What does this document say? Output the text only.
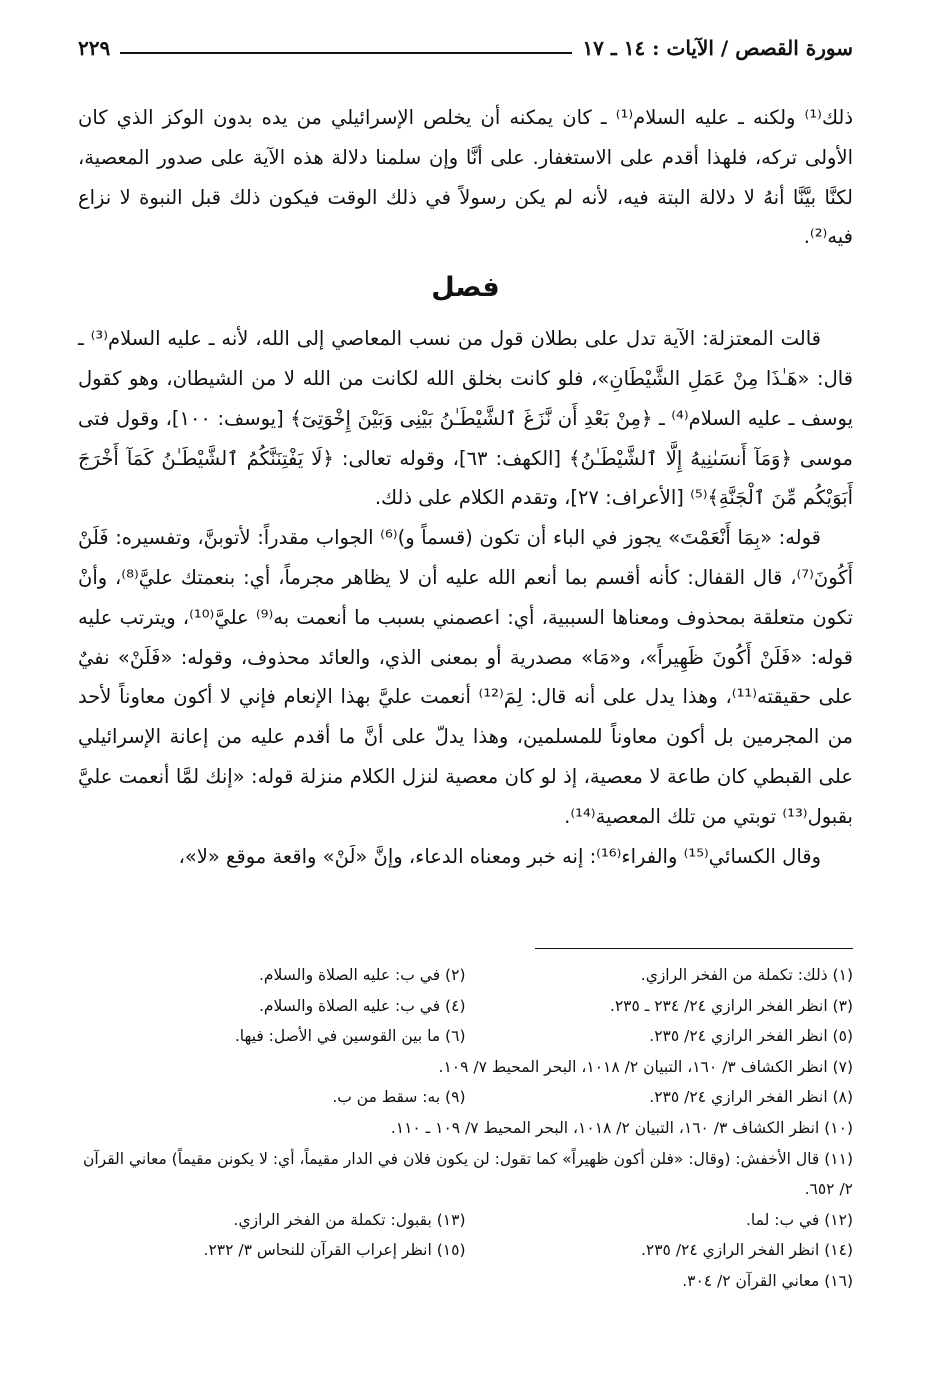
سورة القصص / الآيات : ١٤ ـ ١٧
٢٢٩

ذلك⁽¹⁾ ولكنه ـ عليه السلام⁽¹⁾ ـ كان يمكنه أن يخلص الإسرائيلي من يده بدون الوكز الذي كان الأولى تركه، فلهذا أقدم على الاستغفار. على أنَّا وإن سلمنا دلالة هذه الآية على صدور المعصية، لكنَّا بيَّنَّا أنهُ لا دلالة البتة فيه، لأنه لم يكن رسولاً في ذلك الوقت فيكون ذلك قبل النبوة لا نزاع فيه⁽²⁾.

فصل

قالت المعتزلة: الآية تدل على بطلان قول من نسب المعاصي إلى الله، لأنه ـ عليه السلام⁽³⁾ ـ قال: «هَـٰذَا مِنْ عَمَلِ الشَّيْطَانِ»، فلو كانت بخلق الله لكانت من الله لا من الشيطان، وهو كقول يوسف ـ عليه السلام⁽⁴⁾ ـ ﴿مِنْ بَعْدِ أَن نَّزَغَ ٱلشَّيْطَـٰنُ بَيْنِى وَبَيْنَ إِخْوَتِىٓ﴾ [يوسف: ١٠٠]، وقول فتى موسى ﴿وَمَآ أَنسَىٰنِيهُ إِلَّا ٱلشَّيْطَـٰنُ﴾ [الكهف: ٦٣]، وقوله تعالى: ﴿لَا يَفْتِنَنَّكُمُ ٱلشَّيْطَـٰنُ كَمَآ أَخْرَجَ أَبَوَيْكُم مِّنَ ٱلْجَنَّةِ﴾⁽⁵⁾ [الأعراف: ٢٧]، وتقدم الكلام على ذلك.

قوله: «بِمَا أَنْعَمْتَ» يجوز في الباء أن تكون (قسماً و)⁽⁶⁾ الجواب مقدراً: لأتوبنَّ، وتفسيره: فَلَنْ أَكُونَ⁽⁷⁾، قال القفال: كأنه أقسم بما أنعم الله عليه أن لا يظاهر مجرماً، أي: بنعمتك عليَّ⁽⁸⁾، وأنْ تكون متعلقة بمحذوف ومعناها السببية، أي: اعصمني بسبب ما أنعمت به⁽⁹⁾ عليَّ⁽¹⁰⁾، ويترتب عليه قوله: «فَلَنْ أَكُونَ ظَهِيراً»، و«مَا» مصدرية أو بمعنى الذي، والعائد محذوف، وقوله: «فَلَنْ» نفيٌ على حقيقته⁽¹¹⁾، وهذا يدل على أنه قال: لِمَ⁽¹²⁾ أنعمت عليَّ بهذا الإنعام فإني لا أكون معاوناً لأحد من المجرمين بل أكون معاوناً للمسلمين، وهذا يدلّ على أنَّ ما أقدم عليه من إعانة الإسرائيلي على القبطي كان طاعة لا معصية، إذ لو كان معصية لنزل الكلام منزلة قوله: «إنك لمَّا أنعمت عليَّ بقبول⁽¹³⁾ توبتي من تلك المعصية⁽¹⁴⁾.

وقال الكسائي⁽¹⁵⁾ والفراء⁽¹⁶⁾: إنه خبر ومعناه الدعاء، وإنَّ «لَنْ» واقعة موقع «لا»،

(١) ذلك: تكملة من الفخر الرازي.
(٢) في ب: عليه الصلاة والسلام.
(٣) انظر الفخر الرازي ٢٤/ ٢٣٤ ـ ٢٣٥.
(٤) في ب: عليه الصلاة والسلام.
(٥) انظر الفخر الرازي ٢٤/ ٢٣٥.
(٦) ما بين القوسين في الأصل: فيها.
(٧) انظر الكشاف ٣/ ١٦٠، التبيان ٢/ ١٠١٨، البحر المحيط ٧/ ١٠٩.
(٨) انظر الفخر الرازي ٢٤/ ٢٣٥.
(٩) به: سقط من ب.
(١٠) انظر الكشاف ٣/ ١٦٠، التبيان ٢/ ١٠١٨، البحر المحيط ٧/ ١٠٩ ـ ١١٠.
(١١) قال الأخفش: (وقال: «فلن أكون ظهيراً» كما تقول: لن يكون فلان في الدار مقيماً، أي: لا يكونن مقيماً) معاني القرآن ٢/ ٦٥٢.
(١٢) في ب: لما.
(١٣) بقبول: تكملة من الفخر الرازي.
(١٤) انظر الفخر الرازي ٢٤/ ٢٣٥.
(١٥) انظر إعراب القرآن للنحاس ٣/ ٢٣٢.
(١٦) معاني القرآن ٢/ ٣٠٤.
